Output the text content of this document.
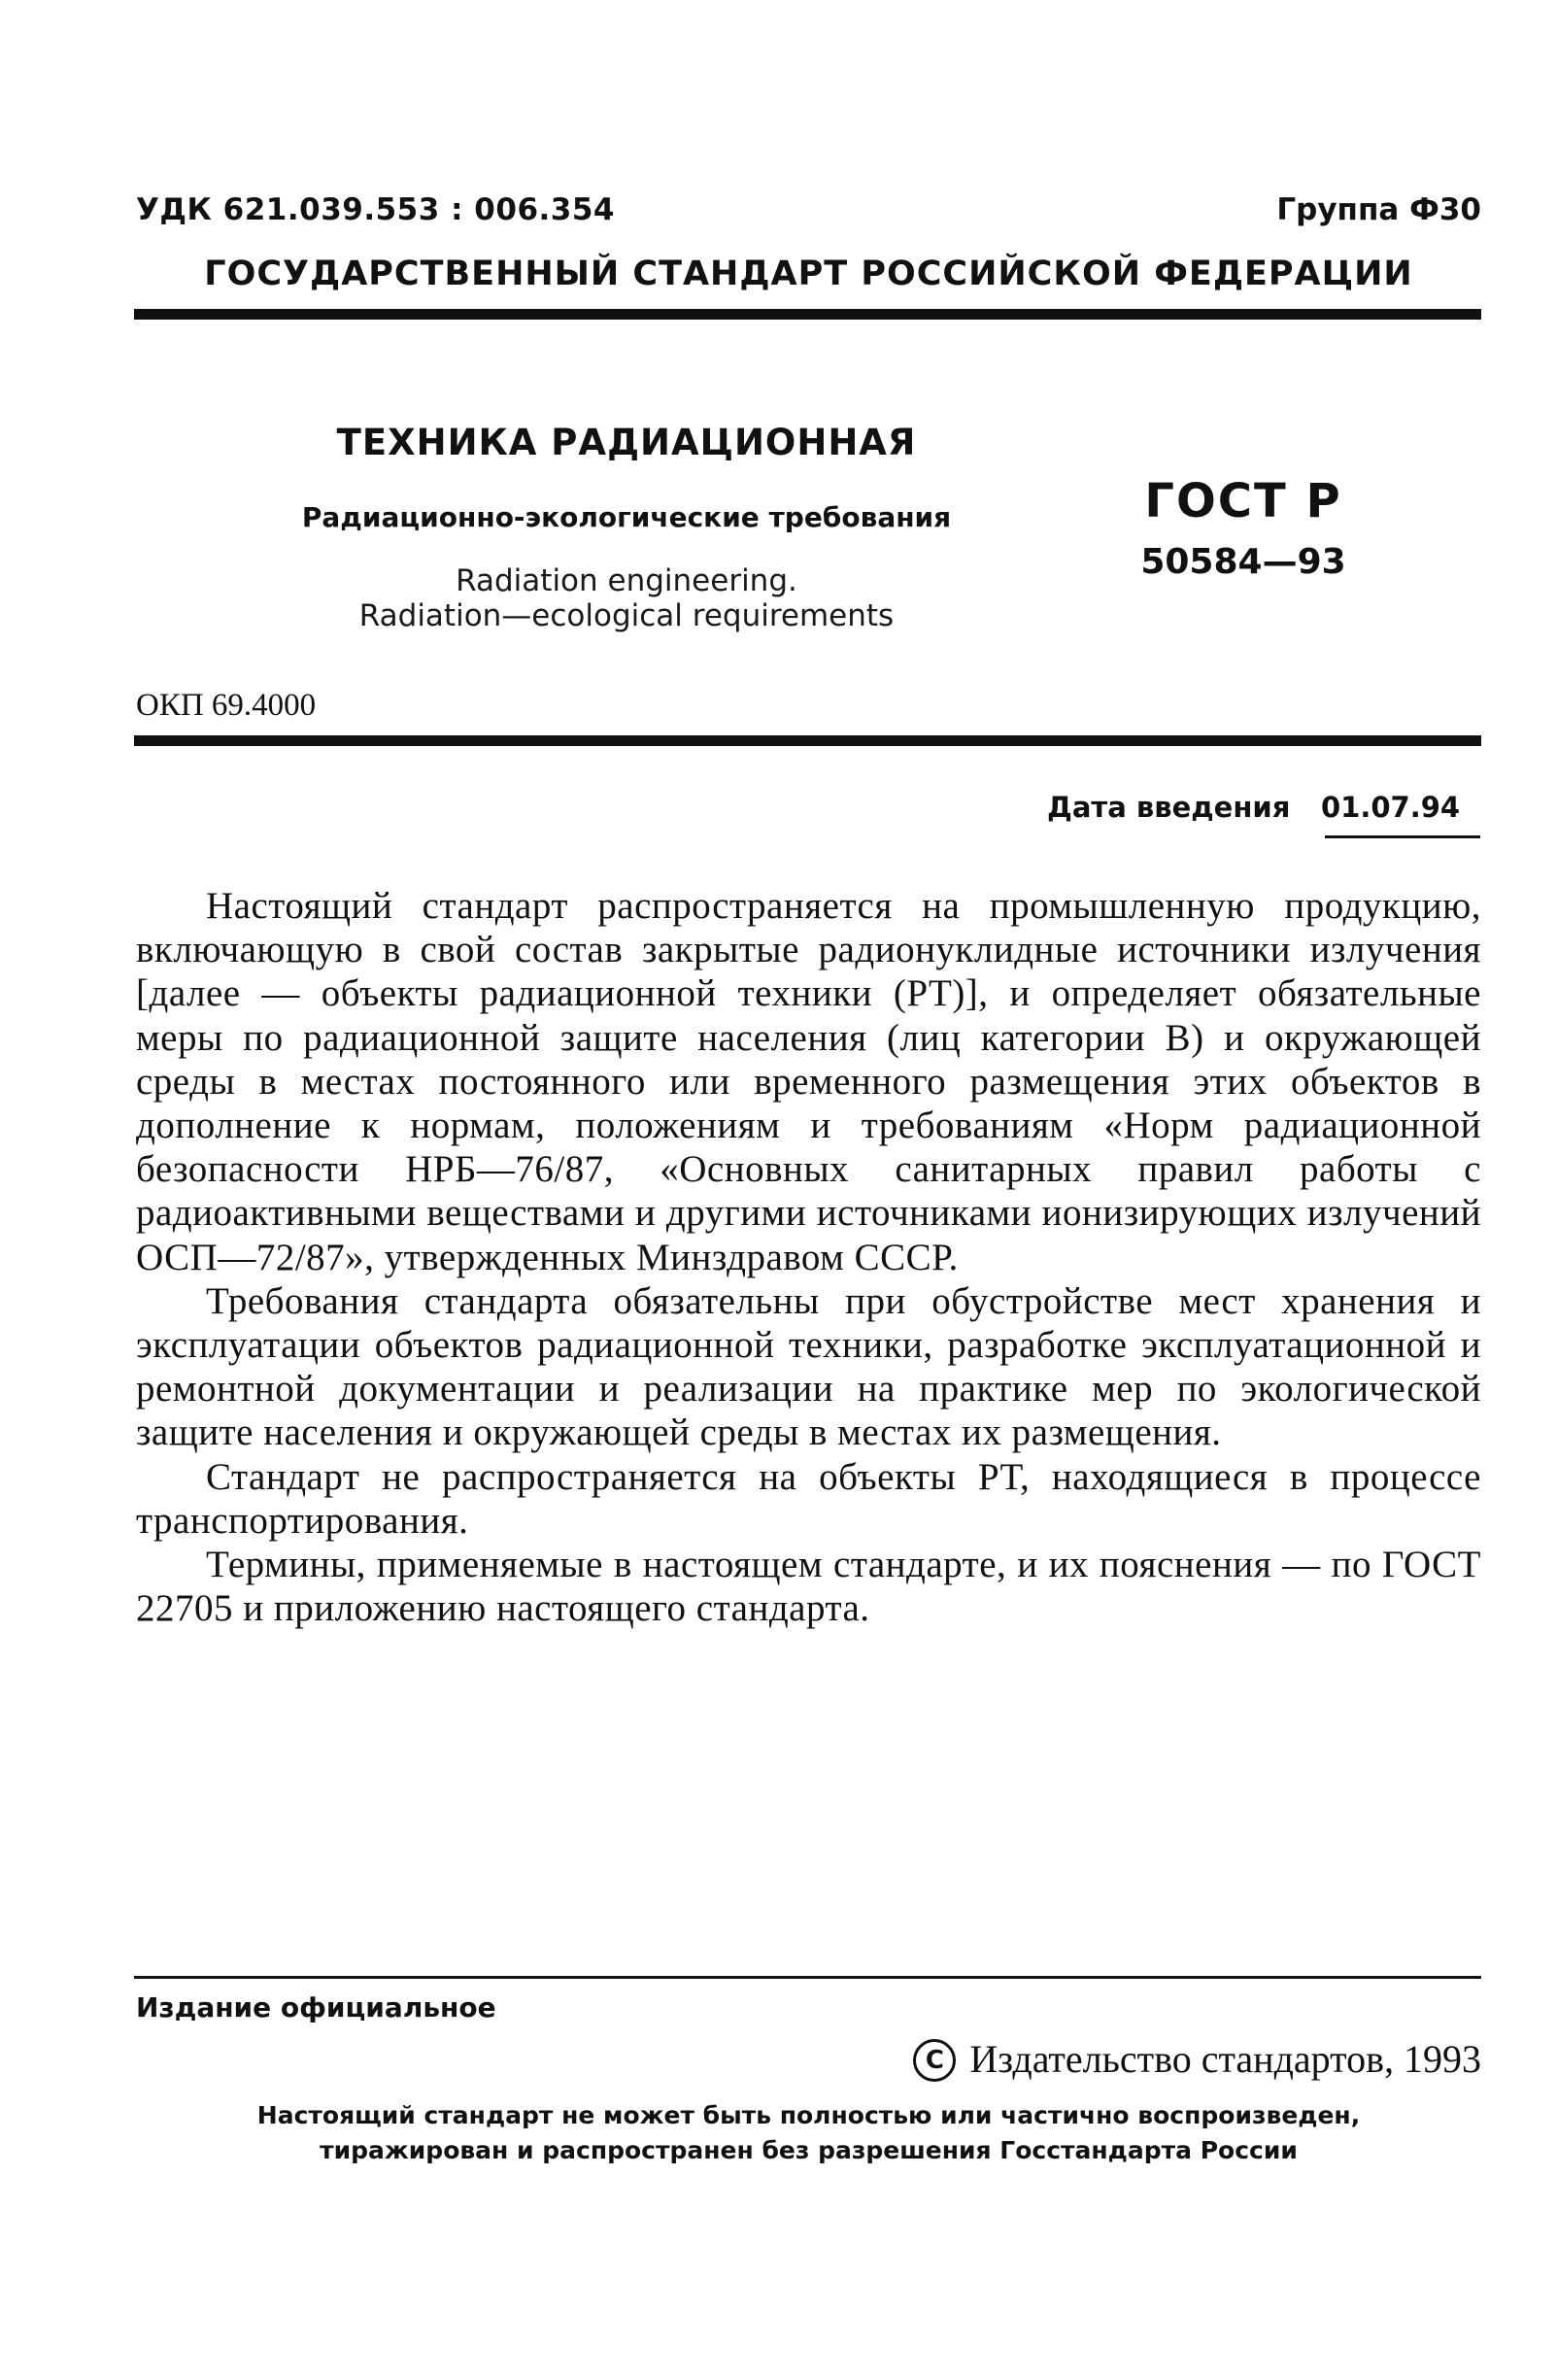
УДК 621.039.553 : 006.354	Группа Ф30
ГОСУДАРСТВЕННЫЙ СТАНДАРТ РОССИЙСКОЙ ФЕДЕРАЦИИ
ТЕХНИКА РАДИАЦИОННАЯ
Радиационно-экологические требования
Radiation engineering.
Radiation—ecological requirements
ГОСТ Р
50584—93
ОКП 69.4000
Дата введения 01.07.94

Настоящий стандарт распространяется на промышленную продукцию, включающую в свой состав закрытые радионуклидные источники излучения [далее — объекты радиационной техники (РТ)], и определяет обязательные меры по радиационной защите населения (лиц категории В) и окружающей среды в местах постоянного или временного размещения этих объектов в дополнение к нормам, положениям и требованиям «Норм радиационной безопасности НРБ—76/87, «Основных санитарных правил работы с радиоактивными веществами и другими источниками ионизирующих излучений ОСП—72/87», утвержденных Минздравом СССР.

Требования стандарта обязательны при обустройстве мест хранения и эксплуатации объектов радиационной техники, разработке эксплуатационной и ремонтной документации и реализации на практике мер по экологической защите населения и окружающей среды в местах их размещения.

Стандарт не распространяется на объекты РТ, находящиеся в процессе транспортирования.

Термины, применяемые в настоящем стандарте, и их пояснения — по ГОСТ 22705 и приложению настоящего стандарта.

Издание официальное
C Издательство стандартов, 1993
Настоящий стандарт не может быть полностью или частично воспроизведен,
тиражирован и распространен без разрешения Госстандарта России
